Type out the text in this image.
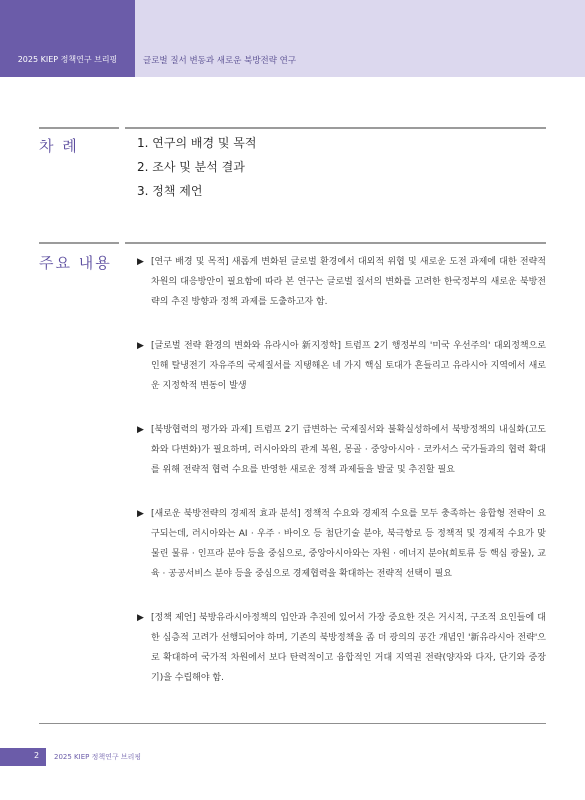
2025 KIEP 정책연구 브리핑	글로벌 질서 변동과 새로운 북방전략 연구
차 례	1. 연구의 배경 및 목적
2. 조사 및 분석 결과
3. 정책 제언
주요 내용	▶ [연구 배경 및 목적] 새롭게 변화된 글로벌 환경에서 대외적 위협 및 새로운 도전 과제에 대한 전략적 차원의 대응방안이 필요함에 따라 본 연구는 글로벌 질서의 변화를 고려한 한국정부의 새로운 북방전략의 추진 방향과 정책 과제를 도출하고자 함.
▶ [글로벌 전략 환경의 변화와 유라시아 新지정학] 트럼프 2기 행정부의 '미국 우선주의' 대외정책으로 인해 탈냉전기 자유주의 국제질서를 지탱해온 네 가지 핵심 토대가 흔들리고 유라시아 지역에서 새로운 지정학적 변동이 발생
▶ [북방협력의 평가와 과제] 트럼프 2기 급변하는 국제질서와 불확실성하에서 북방정책의 내실화(고도화와 다변화)가 필요하며, 러시아와의 관계 복원, 몽골 · 중앙아시아 · 코카서스 국가들과의 협력 확대를 위해 전략적 협력 수요를 반영한 새로운 정책 과제들을 발굴 및 추진할 필요
▶ [새로운 북방전략의 경제적 효과 분석] 정책적 수요와 경제적 수요를 모두 충족하는 융합형 전략이 요구되는데, 러시아와는 AI · 우주 · 바이오 등 첨단기술 분야, 북극항로 등 정책적 및 경제적 수요가 맞물린 물류 · 인프라 분야 등을 중심으로, 중앙아시아와는 자원 · 에너지 분야(희토류 등 핵심 광물), 교육 · 공공서비스 분야 등을 중심으로 경제협력을 확대하는 전략적 선택이 필요
▶ [정책 제언] 북방유라시아정책의 입안과 추진에 있어서 가장 중요한 것은 거시적, 구조적 요인들에 대한 심층적 고려가 선행되어야 하며, 기존의 북방정책을 좀 더 광의의 공간 개념인 '新유라시아 전략'으로 확대하여 국가적 차원에서 보다 탄력적이고 융합적인 거대 지역권 전략(양자와 다자, 단기와 중장기)을 수립해야 함.
2 2025 KIEP 정책연구 브리핑
